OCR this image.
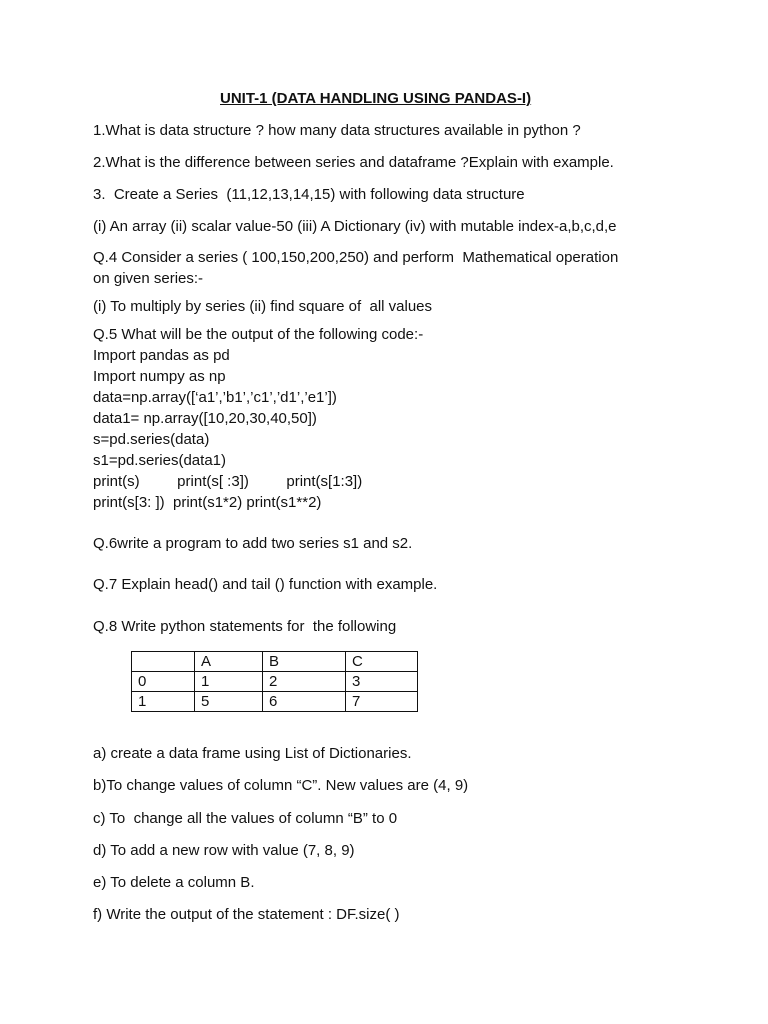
UNIT-1 (DATA HANDLING USING PANDAS-I)
1.What is data structure ? how many data structures available in python ?
2.What is the difference between series and dataframe ?Explain with example.
3.  Create a Series  (11,12,13,14,15) with following data structure
(i) An array (ii) scalar value-50 (iii) A Dictionary (iv) with mutable index-a,b,c,d,e
Q.4 Consider a series ( 100,150,200,250) and perform  Mathematical operation
on given series:-
(i) To multiply by series (ii) find square of  all values
Q.5 What will be the output of the following code:-
Import pandas as pd
Import numpy as np
data=np.array([‘a1’,’b1’,’c1’,’d1’,’e1’])
data1= np.array([10,20,30,40,50])
s=pd.series(data)
s1=pd.series(data1)
print(s)         print(s[ :3])         print(s[1:3])
print(s[3: ])  print(s1*2) print(s1**2)
Q.6write a program to add two series s1 and s2.
Q.7 Explain head() and tail () function with example.
Q.8 Write python statements for  the following
	A	B	C
0	1	2	3
1	5	6	7
a) create a data frame using List of Dictionaries.
b)To change values of column “C”. New values are (4, 9)
c) To  change all the values of column “B” to 0
d) To add a new row with value (7, 8, 9)
e) To delete a column B.
f) Write the output of the statement : DF.size( )
